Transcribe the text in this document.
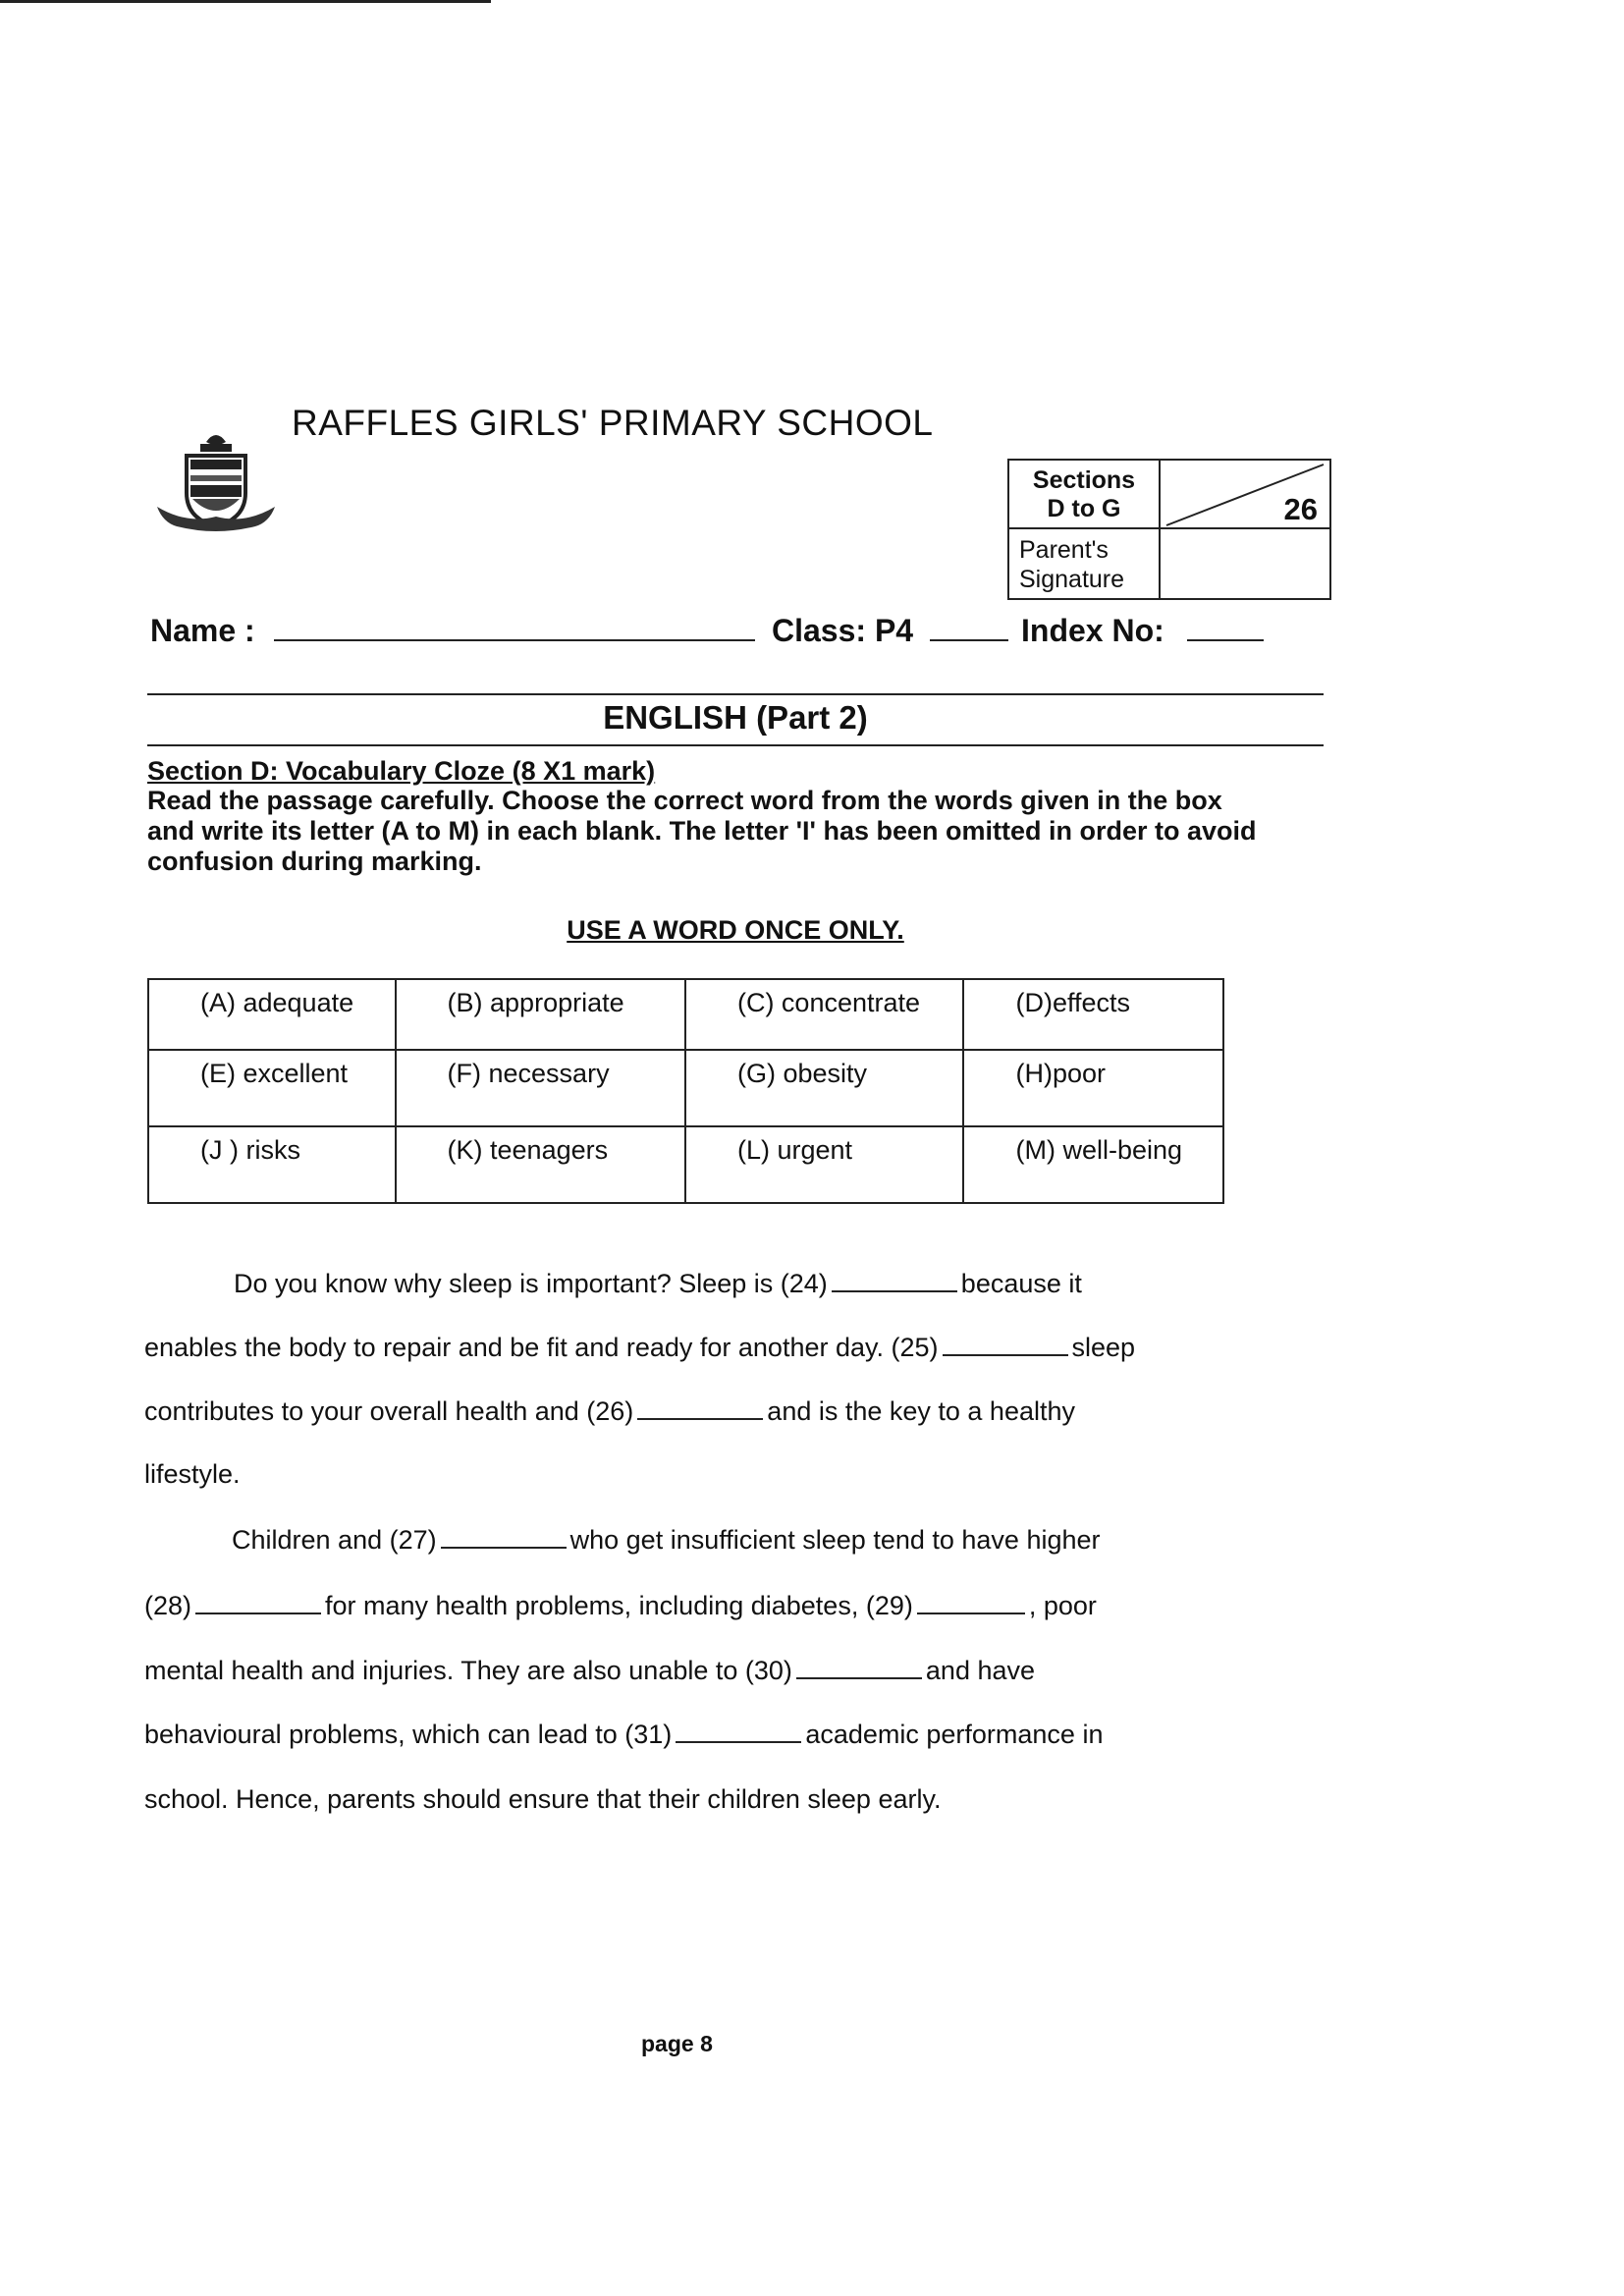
RAFFLES GIRLS' PRIMARY SCHOOL
Sections
D to G	26
Parent's Signature
Name :	Class: P4	Index No:
ENGLISH (Part 2)
Section D: Vocabulary Cloze (8 X1 mark)
Read the passage carefully. Choose the correct word from the words given in the box and write its letter (A to M) in each blank. The letter 'I' has been omitted in order to avoid confusion during marking.
USE A WORD ONCE ONLY.
(A) adequate	(B) appropriate	(C) concentrate	(D)effects
(E) excellent	(F) necessary	(G) obesity	(H)poor
(J ) risks	(K) teenagers	(L) urgent	(M) well-being
Do you know why sleep is important? Sleep is (24)	because it
enables the body to repair and be fit and ready for another day. (25)	sleep
contributes to your overall health and (26)	and is the key to a healthy
lifestyle.
Children and (27)	who get insufficient sleep tend to have higher
(28)	for many health problems, including diabetes, (29)	, poor
mental health and injuries. They are also unable to (30)	and have
behavioural problems, which can lead to (31)	academic performance in
school. Hence, parents should ensure that their children sleep early.
page 8
